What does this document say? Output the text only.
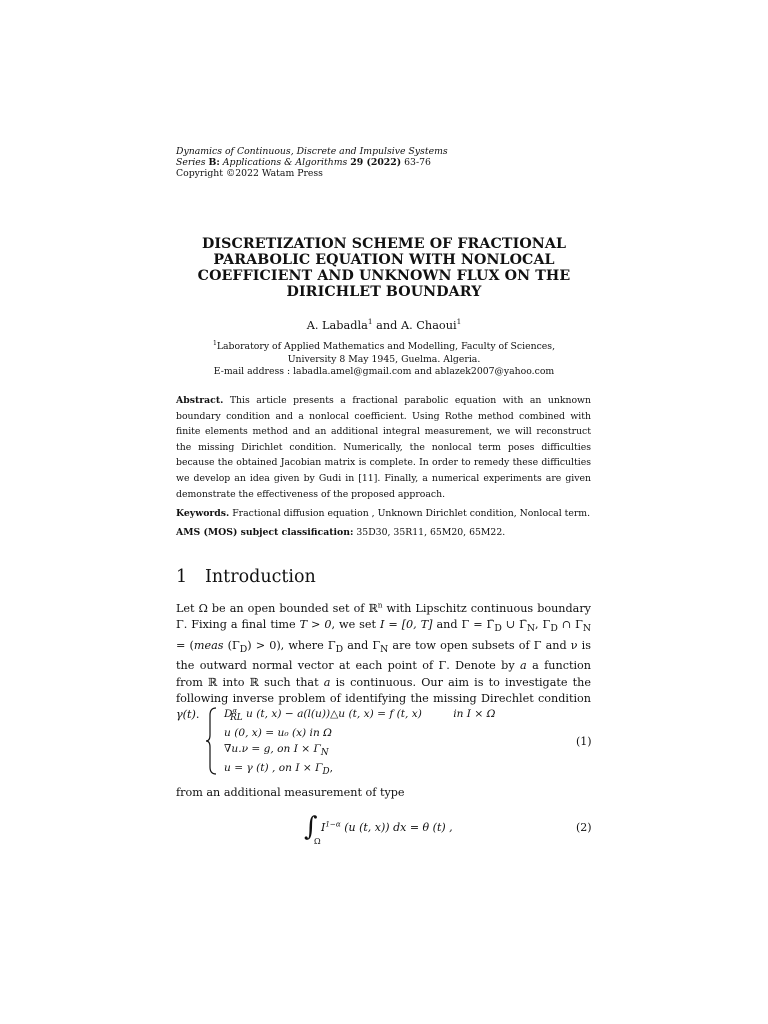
Dynamics of Continuous, Discrete and Impulsive Systems
Series B: Applications & Algorithms 29 (2022) 63-76
Copyright ©2022 Watam Press
DISCRETIZATION SCHEME OF FRACTIONAL
PARABOLIC EQUATION WITH NONLOCAL
COEFFICIENT AND UNKNOWN FLUX ON THE
DIRICHLET BOUNDARY
A. Labadla$^1$ and A. Chaoui$^1$
$^1$Laboratory of Applied Mathematics and Modelling, Faculty of Sciences,
University 8 May 1945, Guelma. Algeria.
E-mail address : labadla.amel@gmail.com and ablazek2007@yahoo.com
Abstract. This article presents a fractional parabolic equation with an unknown boundary condition and a nonlocal coefficient. Using Rothe method combined with finite elements method and an additional integral measurement, we will reconstruct the missing Dirichlet condition. Numerically, the nonlocal term poses difficulties because the obtained Jacobian matrix is complete. In order to remedy these difficulties we develop an idea given by Gudi in [11]. Finally, a numerical experiments are given demonstrate the effectiveness of the proposed approach.
Keywords. Fractional diffusion equation , Unknown Dirichlet condition, Nonlocal term.
AMS (MOS) subject classification: 35D30, 35R11, 65M20, 65M22.
1 Introduction
Let Ω be an open bounded set of ℝ$^n$ with Lipschitz continuous boundary Γ. Fixing a final time T > 0, we set I = [0, T] and $\Gamma = \Gammā_D$ ∪ $\Gammā_N$, $\Gamma_D$ ∩ $\Gamma_N$ = (meas $(\Gamma_D) > 0$), where $\Gamma_D$ and $\Gamma_N$ are tow open subsets of Γ and ν is the outward normal vector at each point of Γ. Denote by a a function from ℝ into ℝ such that a is continuous. Our aim is to investigate the following inverse problem of identifying the missing Direchlet condition γ(t).	$D^\alpha_{RL}$ u (t, x) − a(l(u))△u (t, x) = f (t, x)	in I × Ω
u (0, x) = u₀ (x) in Ω
∇u.ν = g, on $I \times \Gamma_N$
u = γ (t) , on $I \times \Gamma_D$,
(1)
from an additional measurement of type
∫
Ω
$I^{1-\alpha}$ (u (t, x)) dx = θ (t) ,	(2)
